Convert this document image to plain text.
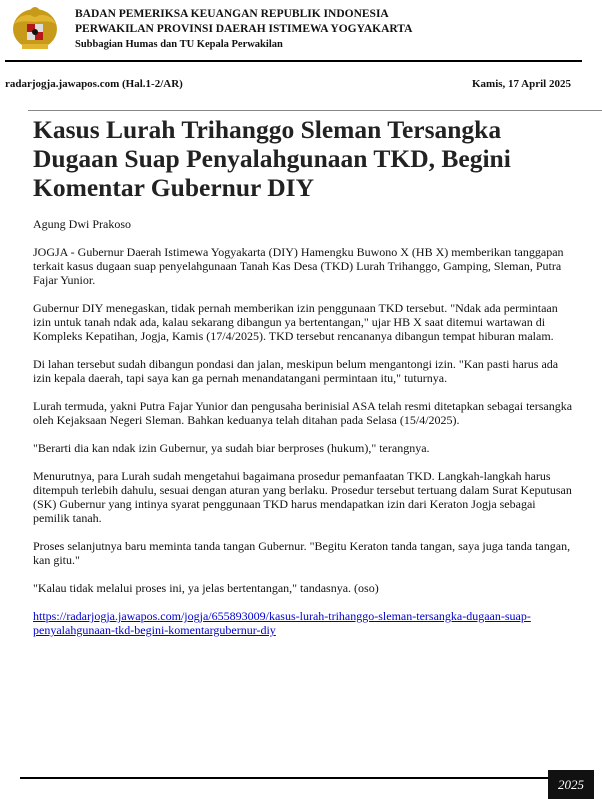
BADAN PEMERIKSA KEUANGAN REPUBLIK INDONESIA
PERWAKILAN PROVINSI DAERAH ISTIMEWA YOGYAKARTA
Subbagian Humas dan TU Kepala Perwakilan
radarjogja.jawapos.com (Hal.1-2/AR)	Kamis, 17 April 2025
Kasus Lurah Trihanggo Sleman Tersangka Dugaan Suap Penyalahgunaan TKD, Begini Komentar Gubernur DIY
Agung Dwi Prakoso

JOGJA - Gubernur Daerah Istimewa Yogyakarta (DIY) Hamengku Buwono X (HB X) memberikan tanggapan terkait kasus dugaan suap penyelahgunaan Tanah Kas Desa (TKD) Lurah Trihanggo, Gamping, Sleman, Putra Fajar Yunior.

Gubernur DIY menegaskan, tidak pernah memberikan izin penggunaan TKD tersebut. "Ndak ada permintaan izin untuk tanah ndak ada, kalau sekarang dibangun ya bertentangan," ujar HB X saat ditemui wartawan di Kompleks Kepatihan, Jogja, Kamis (17/4/2025). TKD tersebut rencananya dibangun tempat hiburan malam.

Di lahan tersebut sudah dibangun pondasi dan jalan, meskipun belum mengantongi izin. "Kan pasti harus ada izin kepala daerah, tapi saya kan ga pernah menandatangani permintaan itu," tuturnya.

Lurah termuda, yakni Putra Fajar Yunior dan pengusaha berinisial ASA telah resmi ditetapkan sebagai tersangka oleh Kejaksaan Negeri Sleman. Bahkan keduanya telah ditahan pada Selasa (15/4/2025).

"Berarti dia kan ndak izin Gubernur, ya sudah biar berproses (hukum)," terangnya.

Menurutnya, para Lurah sudah mengetahui bagaimana prosedur pemanfaatan TKD. Langkah-langkah harus ditempuh terlebih dahulu, sesuai dengan aturan yang berlaku. Prosedur tersebut tertuang dalam Surat Keputusan (SK) Gubernur yang intinya syarat penggunaan TKD harus mendapatkan izin dari Keraton Jogja sebagai pemilik tanah.

Proses selanjutnya baru meminta tanda tangan Gubernur. "Begitu Keraton tanda tangan, saya juga tanda tangan, kan gitu."

"Kalau tidak melalui proses ini, ya jelas bertentangan," tandasnya. (oso)

https://radarjogja.jawapos.com/jogja/655893009/kasus-lurah-trihanggo-sleman-tersangka-dugaan-suap-penyalahgunaan-tkd-begini-komentargubernur-diy

2025
